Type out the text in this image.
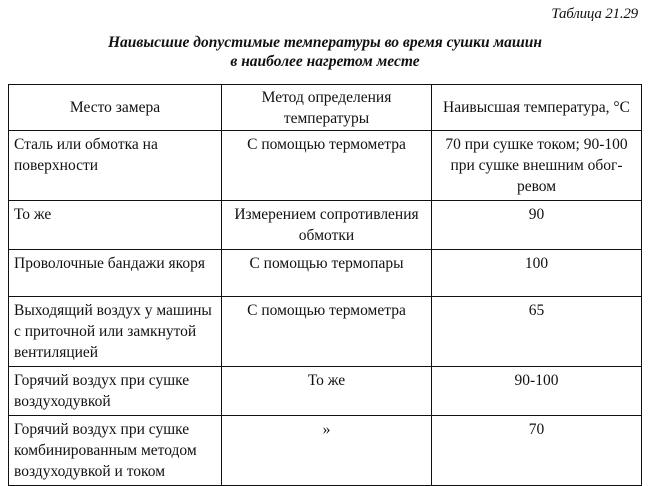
Таблица 21.29
Наивысшие допустимые температуры во время сушки машин
в наиболее нагретом месте
Место замера	Метод определения температуры	Наивысшая температура, °С
Сталь или обмотка на поверхности	С помощью термометра	70 при сушке током; 90-100 при сушке внешним обог-ревом
То же	Измерением сопротивления обмотки	90
Проволочные бандажи якоря	С помощью термопары	100
Выходящий воздух у машины с приточной или замкнутой вентиляцией	С помощью термометра	65
Горячий воздух при сушке воздуходувкой	То же	90-100
Горячий воздух при сушке комбинированным методом воздуходувкой и током	»	70
